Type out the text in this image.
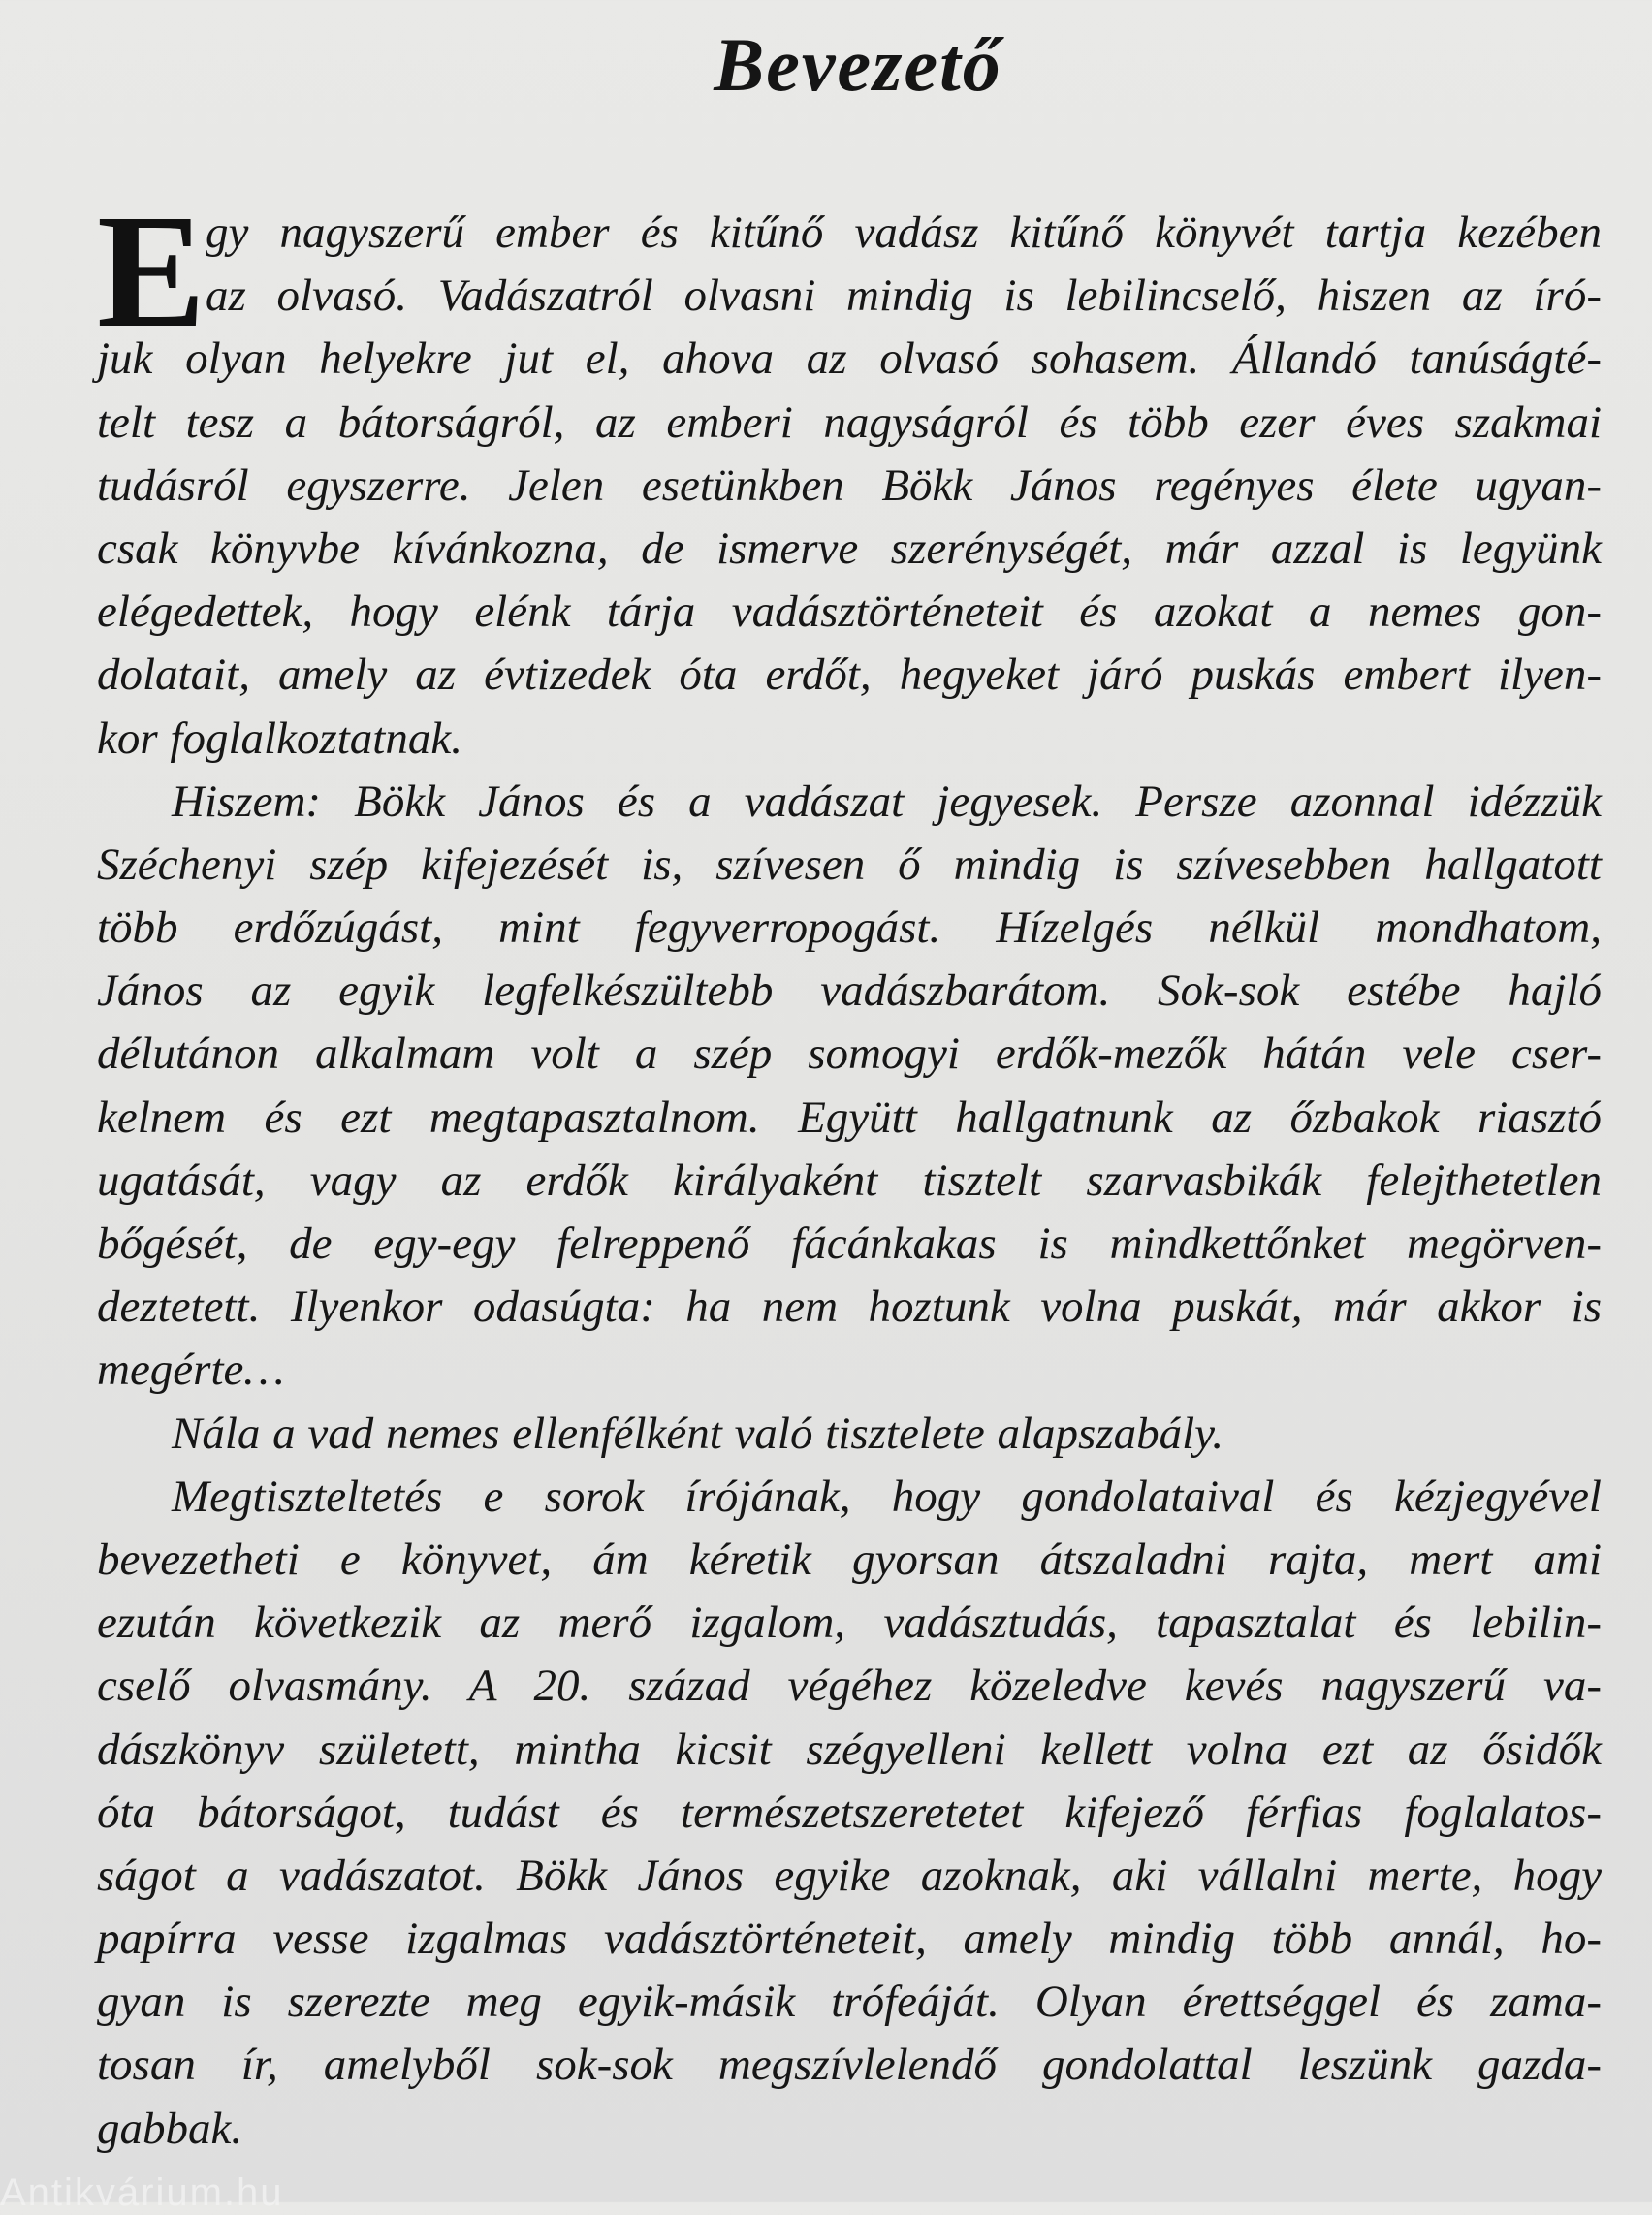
Bevezető
E gy nagyszerű ember és kitűnő vadász kitűnő könyvét tartja kezében
az olvasó. Vadászatról olvasni mindig is lebilincselő, hiszen az író-
juk olyan helyekre jut el, ahova az olvasó sohasem. Állandó tanúságté-
telt tesz a bátorságról, az emberi nagyságról és több ezer éves szakmai
tudásról egyszerre. Jelen esetünkben Bökk János regényes élete ugyan-
csak könyvbe kívánkozna, de ismerve szerénységét, már azzal is legyünk
elégedettek, hogy elénk tárja vadásztörténeteit és azokat a nemes gon-
dolatait, amely az évtizedek óta erdőt, hegyeket járó puskás embert ilyen-
kor foglalkoztatnak.
Hiszem: Bökk János és a vadászat jegyesek. Persze azonnal idézzük
Széchenyi szép kifejezését is, szívesen ő mindig is szívesebben hallgatott
több erdőzúgást, mint fegyverropogást. Hízelgés nélkül mondhatom,
János az egyik legfelkészültebb vadászbarátom. Sok-sok estébe hajló
délutánon alkalmam volt a szép somogyi erdők-mezők hátán vele cser-
kelnem és ezt megtapasztalnom. Együtt hallgatnunk az őzbakok riasztó
ugatását, vagy az erdők királyaként tisztelt szarvasbikák felejthetetlen
bőgését, de egy-egy felreppenő fácánkakas is mindkettőnket megörven-
deztetett. Ilyenkor odasúgta: ha nem hoztunk volna puskát, már akkor is
megérte…
Nála a vad nemes ellenfélként való tisztelete alapszabály.
Megtiszteltetés e sorok írójának, hogy gondolataival és kézjegyével
bevezetheti e könyvet, ám kéretik gyorsan átszaladni rajta, mert ami
ezután következik az merő izgalom, vadásztudás, tapasztalat és lebilin-
cselő olvasmány. A 20. század végéhez közeledve kevés nagyszerű va-
dászkönyv született, mintha kicsit szégyelleni kellett volna ezt az ősidők
óta bátorságot, tudást és természetszeretetet kifejező férfias foglalatos-
ságot a vadászatot. Bökk János egyike azoknak, aki vállalni merte, hogy
papírra vesse izgalmas vadásztörténeteit, amely mindig több annál, ho-
gyan is szerezte meg egyik-másik trófeáját. Olyan érettséggel és zama-
tosan ír, amelyből sok-sok megszívlelendő gondolattal leszünk gazda-
gabbak.
Antikvárium.hu
